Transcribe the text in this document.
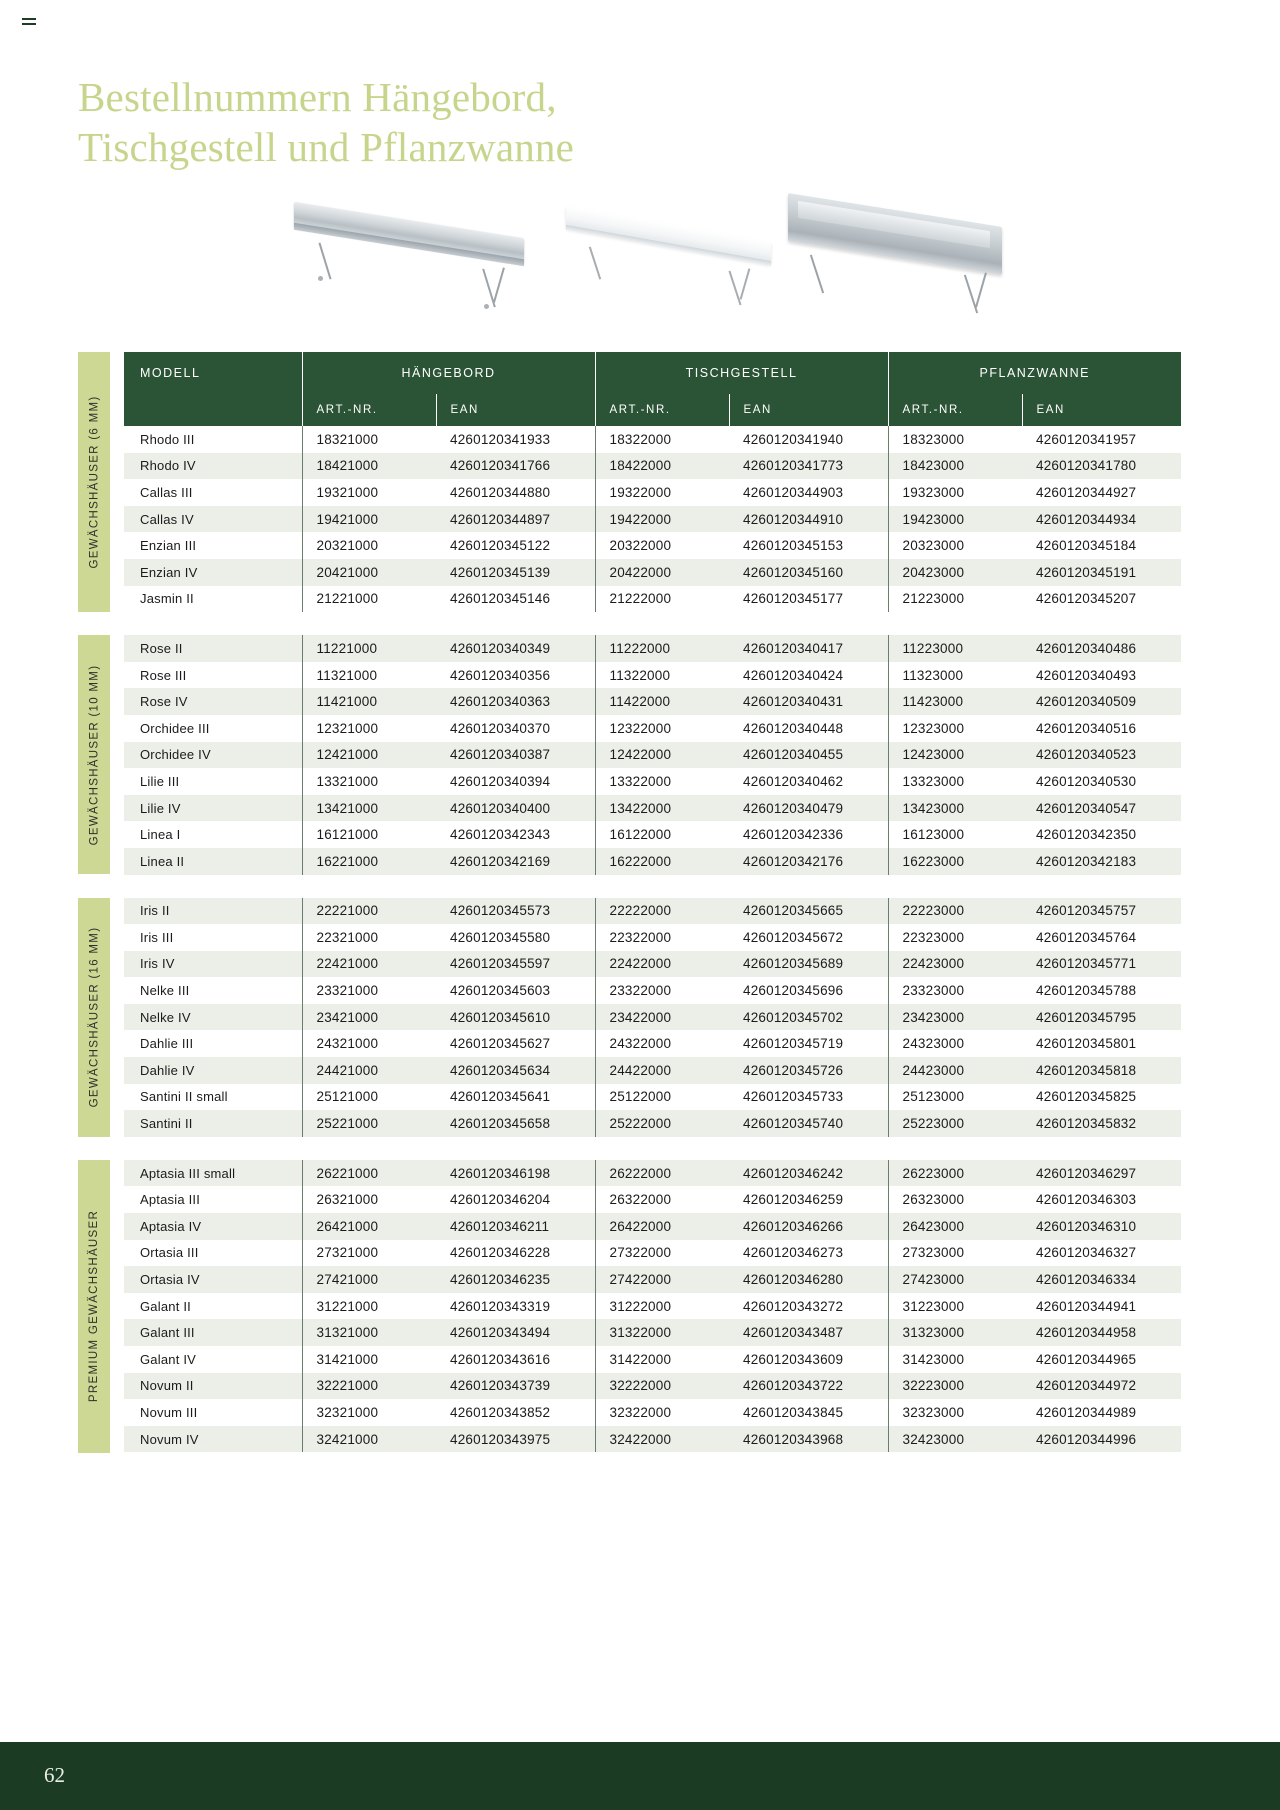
Bestellnummern Hängebord,
Tischgestell und Pflanzwanne
GEWÄCHSHÄUSER (6 MM)
MODELL	HÄNGEBORD		TISCHGESTELL		PFLANZWANNE	
	ART.-NR.	EAN	ART.-NR.	EAN	ART.-NR.	EAN
Rhodo III	18321000	4260120341933	18322000	4260120341940	18323000	4260120341957
Rhodo IV	18421000	4260120341766	18422000	4260120341773	18423000	4260120341780
Callas III	19321000	4260120344880	19322000	4260120344903	19323000	4260120344927
Callas IV	19421000	4260120344897	19422000	4260120344910	19423000	4260120344934
Enzian III	20321000	4260120345122	20322000	4260120345153	20323000	4260120345184
Enzian IV	20421000	4260120345139	20422000	4260120345160	20423000	4260120345191
Jasmin II	21221000	4260120345146	21222000	4260120345177	21223000	4260120345207
GEWÄCHSHÄUSER (10 MM)
Rose II	11221000	4260120340349	11222000	4260120340417	11223000	4260120340486
Rose III	11321000	4260120340356	11322000	4260120340424	11323000	4260120340493
Rose IV	11421000	4260120340363	11422000	4260120340431	11423000	4260120340509
Orchidee III	12321000	4260120340370	12322000	4260120340448	12323000	4260120340516
Orchidee IV	12421000	4260120340387	12422000	4260120340455	12423000	4260120340523
Lilie III	13321000	4260120340394	13322000	4260120340462	13323000	4260120340530
Lilie IV	13421000	4260120340400	13422000	4260120340479	13423000	4260120340547
Linea I	16121000	4260120342343	16122000	4260120342336	16123000	4260120342350
Linea II	16221000	4260120342169	16222000	4260120342176	16223000	4260120342183
GEWÄCHSHÄUSER (16 MM)
Iris II	22221000	4260120345573	22222000	4260120345665	22223000	4260120345757
Iris III	22321000	4260120345580	22322000	4260120345672	22323000	4260120345764
Iris IV	22421000	4260120345597	22422000	4260120345689	22423000	4260120345771
Nelke III	23321000	4260120345603	23322000	4260120345696	23323000	4260120345788
Nelke IV	23421000	4260120345610	23422000	4260120345702	23423000	4260120345795
Dahlie III	24321000	4260120345627	24322000	4260120345719	24323000	4260120345801
Dahlie IV	24421000	4260120345634	24422000	4260120345726	24423000	4260120345818
Santini II small	25121000	4260120345641	25122000	4260120345733	25123000	4260120345825
Santini II	25221000	4260120345658	25222000	4260120345740	25223000	4260120345832
PREMIUM GEWÄCHSHÄUSER
Aptasia III small	26221000	4260120346198	26222000	4260120346242	26223000	4260120346297
Aptasia III	26321000	4260120346204	26322000	4260120346259	26323000	4260120346303
Aptasia IV	26421000	4260120346211	26422000	4260120346266	26423000	4260120346310
Ortasia III	27321000	4260120346228	27322000	4260120346273	27323000	4260120346327
Ortasia IV	27421000	4260120346235	27422000	4260120346280	27423000	4260120346334
Galant II	31221000	4260120343319	31222000	4260120343272	31223000	4260120344941
Galant III	31321000	4260120343494	31322000	4260120343487	31323000	4260120344958
Galant IV	31421000	4260120343616	31422000	4260120343609	31423000	4260120344965
Novum II	32221000	4260120343739	32222000	4260120343722	32223000	4260120344972
Novum III	32321000	4260120343852	32322000	4260120343845	32323000	4260120344989
Novum IV	32421000	4260120343975	32422000	4260120343968	32423000	4260120344996
62
